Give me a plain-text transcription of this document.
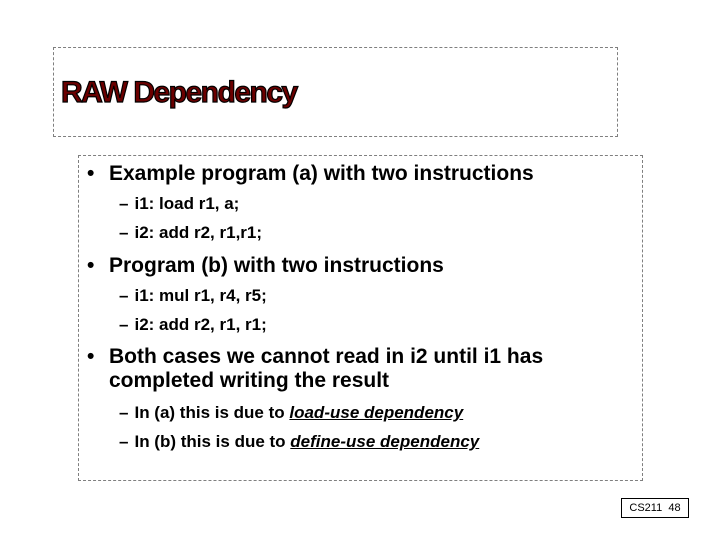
RAW Dependency
• Example program (a) with two instructions
– i1: load r1, a;
– i2: add r2, r1,r1;
• Program (b) with two instructions
– i1: mul r1, r4, r5;
– i2: add r2, r1, r1;
• Both cases we cannot read in i2 until i1 has
completed writing the result
– In (a) this is due to load-use dependency
– In (b) this is due to define-use dependency
CS211 48
